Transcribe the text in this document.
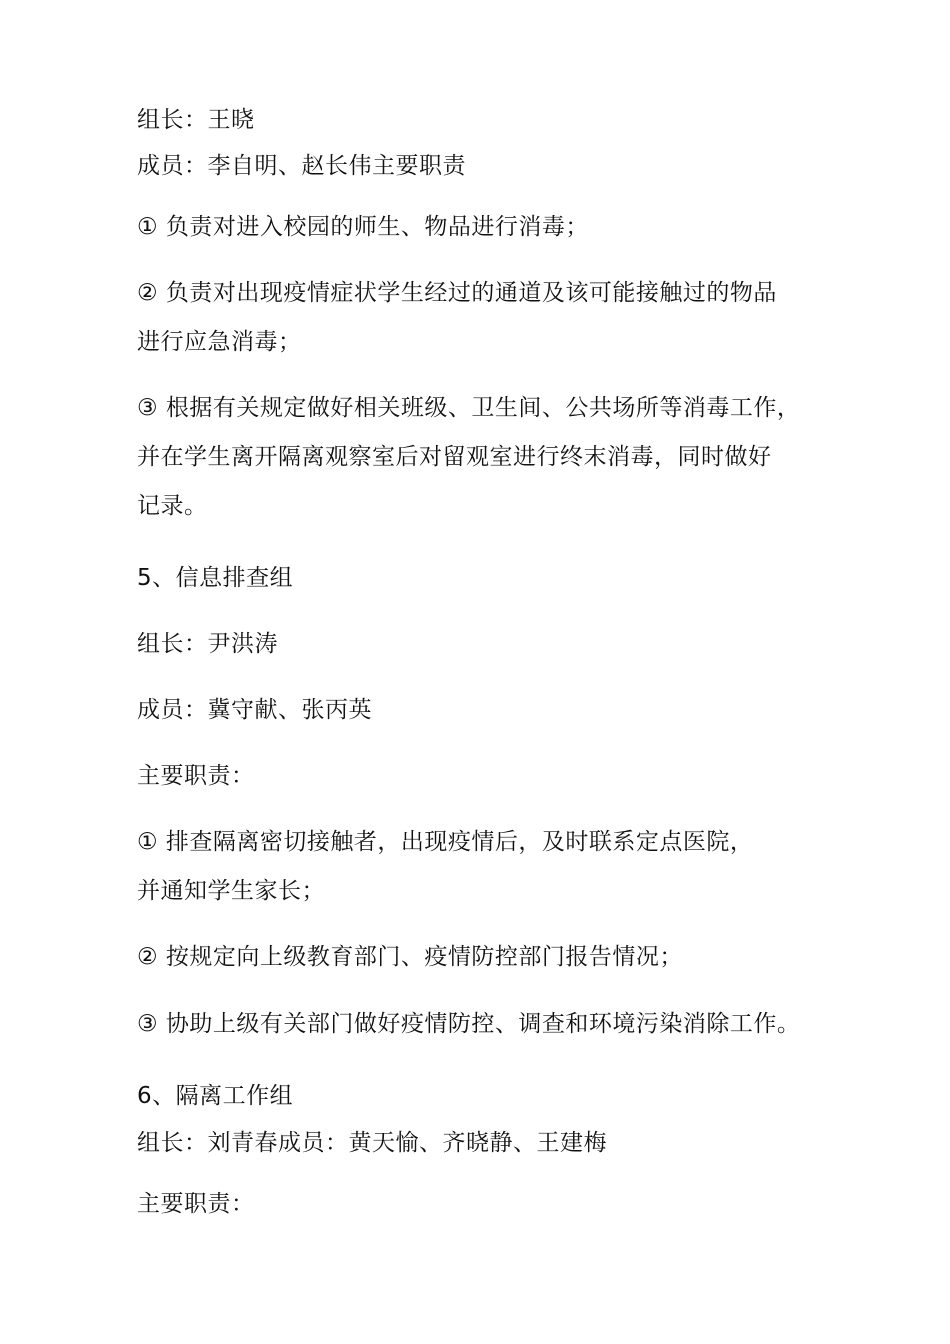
组长：王晓
成员：李自明、赵长伟主要职责
① 负责对进入校园的师生、物品进行消毒；
② 负责对出现疫情症状学生经过的通道及该可能接触过的物品
进行应急消毒；
③ 根据有关规定做好相关班级、卫生间、公共场所等消毒工作，
并在学生离开隔离观察室后对留观室进行终末消毒，同时做好
记录。
5、信息排查组
组长：尹洪涛
成员：冀守献、张丙英
主要职责：
① 排查隔离密切接触者，出现疫情后，及时联系定点医院，
并通知学生家长；
② 按规定向上级教育部门、疫情防控部门报告情况；
③ 协助上级有关部门做好疫情防控、调查和环境污染消除工作。
6、隔离工作组
组长：刘青春成员：黄天愉、齐晓静、王建梅
主要职责：
